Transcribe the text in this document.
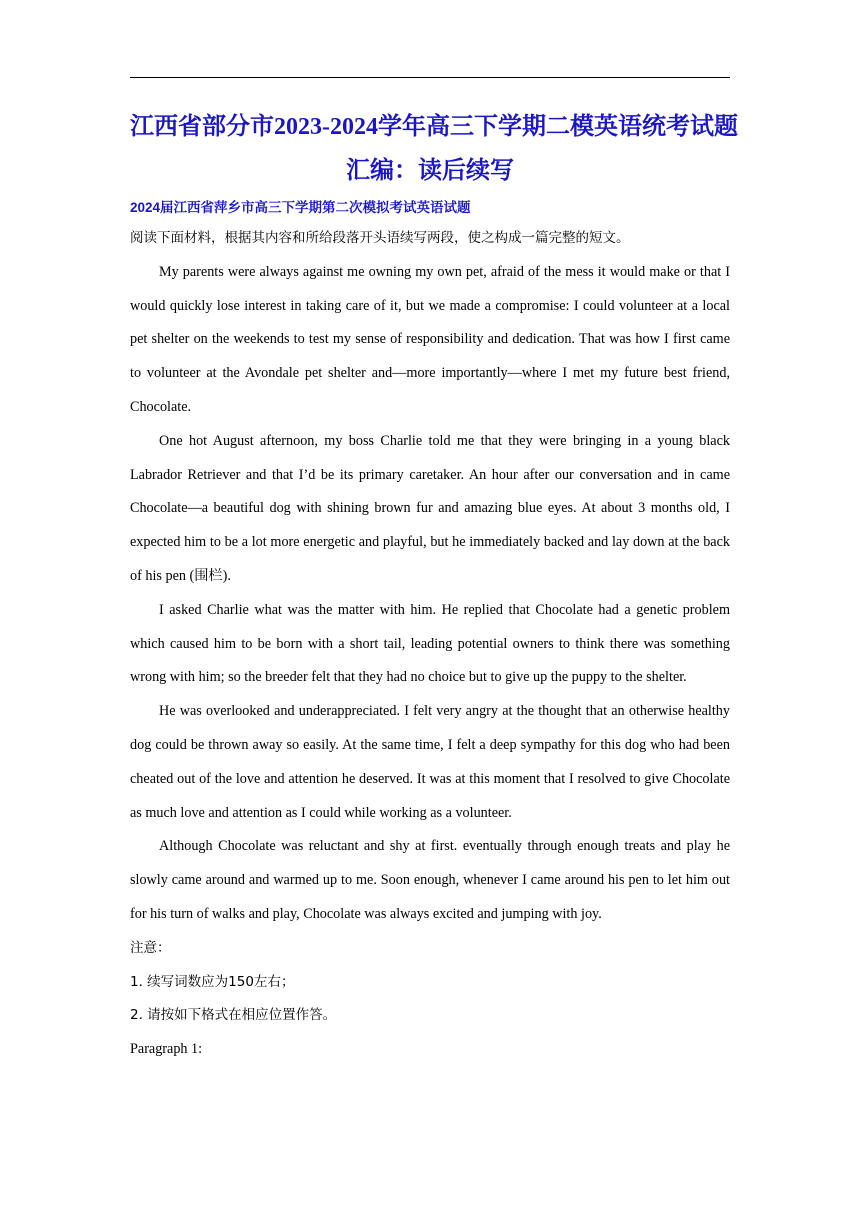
江西省部分市2023-2024学年高三下学期二模英语统考试题
汇编：读后续写
2024届江西省萍乡市高三下学期第二次模拟考试英语试题

阅读下面材料，根据其内容和所给段落开头语续写两段，使之构成一篇完整的短文。

My parents were always against me owning my own pet, afraid of the mess it would make or that I would quickly lose interest in taking care of it, but we made a compromise: I could volunteer at a local pet shelter on the weekends to test my sense of responsibility and dedication. That was how I first came to volunteer at the Avondale pet shelter and—more importantly—where I met my future best friend, Chocolate.

One hot August afternoon, my boss Charlie told me that they were bringing in a young black Labrador Retriever and that I’d be its primary caretaker. An hour after our conversation and in came Chocolate—a beautiful dog with shining brown fur and amazing blue eyes. At about 3 months old, I expected him to be a lot more energetic and playful, but he immediately backed and lay down at the back of his pen (围栏).

I asked Charlie what was the matter with him. He replied that Chocolate had a genetic problem which caused him to be born with a short tail, leading potential owners to think there was something wrong with him; so the breeder felt that they had no choice but to give up the puppy to the shelter.

He was overlooked and underappreciated. I felt very angry at the thought that an otherwise healthy dog could be thrown away so easily. At the same time, I felt a deep sympathy for this dog who had been cheated out of the love and attention he deserved. It was at this moment that I resolved to give Chocolate as much love and attention as I could while working as a volunteer.

Although Chocolate was reluctant and shy at first. eventually through enough treats and play he slowly came around and warmed up to me. Soon enough, whenever I came around his pen to let him out for his turn of walks and play, Chocolate was always excited and jumping with joy.

注意：

1. 续写词数应为150左右；

2. 请按如下格式在相应位置作答。

Paragraph 1:
